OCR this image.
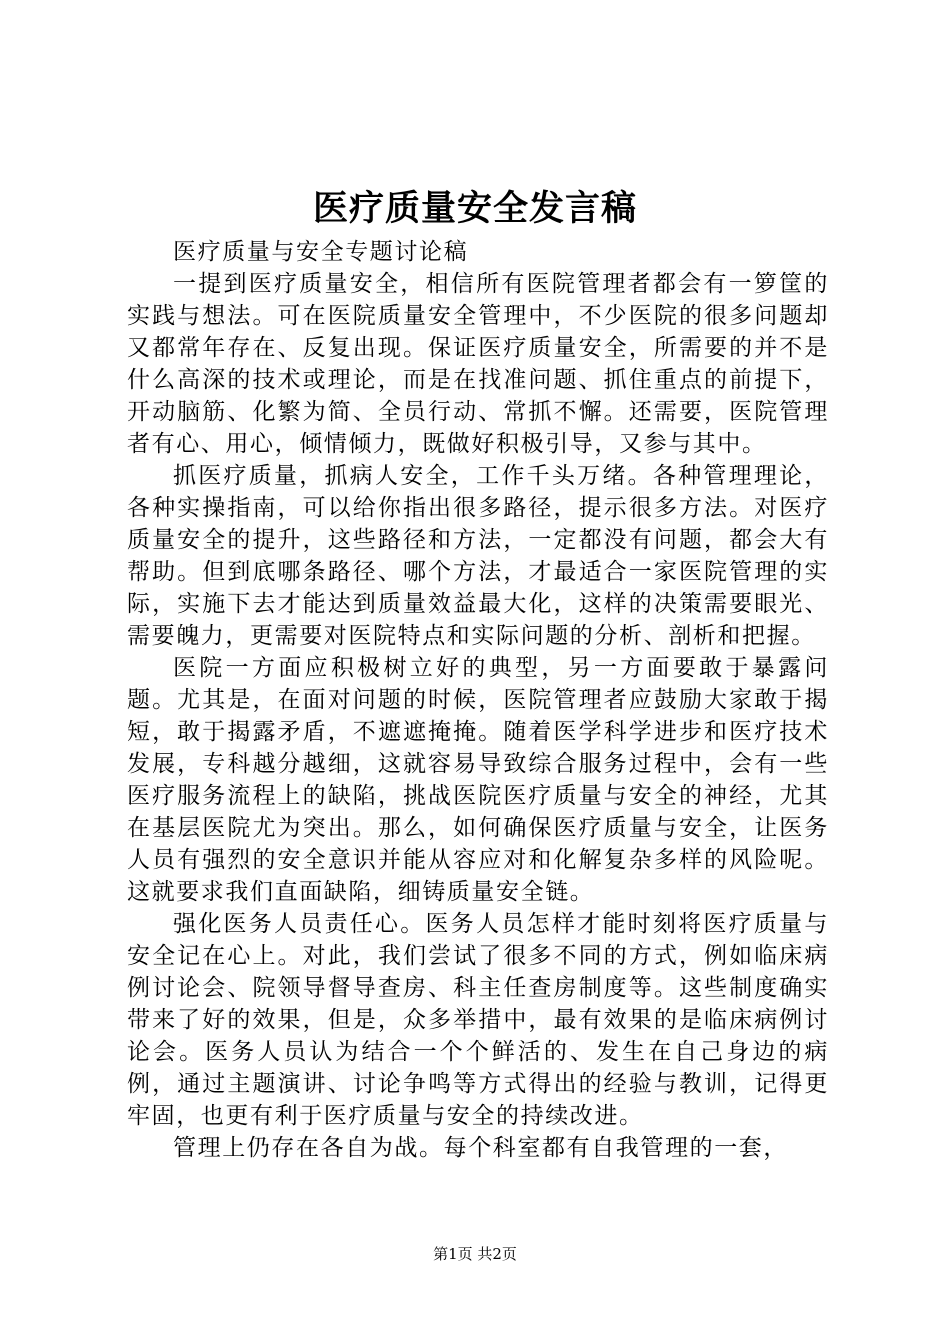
医疗质量安全发言稿

医疗质量与安全专题讨论稿

一提到医疗质量安全，相信所有医院管理者都会有一箩筐的实践与想法。可在医院质量安全管理中，不少医院的很多问题却又都常年存在、反复出现。保证医疗质量安全，所需要的并不是什么高深的技术或理论，而是在找准问题、抓住重点的前提下，开动脑筋、化繁为简、全员行动、常抓不懈。还需要，医院管理者有心、用心，倾情倾力，既做好积极引导，又参与其中。

抓医疗质量，抓病人安全，工作千头万绪。各种管理理论，各种实操指南，可以给你指出很多路径，提示很多方法。对医疗质量安全的提升，这些路径和方法，一定都没有问题，都会大有帮助。但到底哪条路径、哪个方法，才最适合一家医院管理的实际，实施下去才能达到质量效益最大化，这样的决策需要眼光、需要魄力，更需要对医院特点和实际问题的分析、剖析和把握。

医院一方面应积极树立好的典型，另一方面要敢于暴露问题。尤其是，在面对问题的时候，医院管理者应鼓励大家敢于揭短，敢于揭露矛盾，不遮遮掩掩。随着医学科学进步和医疗技术发展，专科越分越细，这就容易导致综合服务过程中，会有一些医疗服务流程上的缺陷，挑战医院医疗质量与安全的神经，尤其在基层医院尤为突出。那么，如何确保医疗质量与安全，让医务人员有强烈的安全意识并能从容应对和化解复杂多样的风险呢。这就要求我们直面缺陷，细铸质量安全链。

强化医务人员责任心。医务人员怎样才能时刻将医疗质量与安全记在心上。对此，我们尝试了很多不同的方式，例如临床病例讨论会、院领导督导查房、科主任查房制度等。这些制度确实带来了好的效果，但是，众多举措中，最有效果的是临床病例讨论会。医务人员认为结合一个个鲜活的、发生在自己身边的病例，通过主题演讲、讨论争鸣等方式得出的经验与教训，记得更牢固，也更有利于医疗质量与安全的持续改进。

管理上仍存在各自为战。每个科室都有自我管理的一套，

第1页 共2页
